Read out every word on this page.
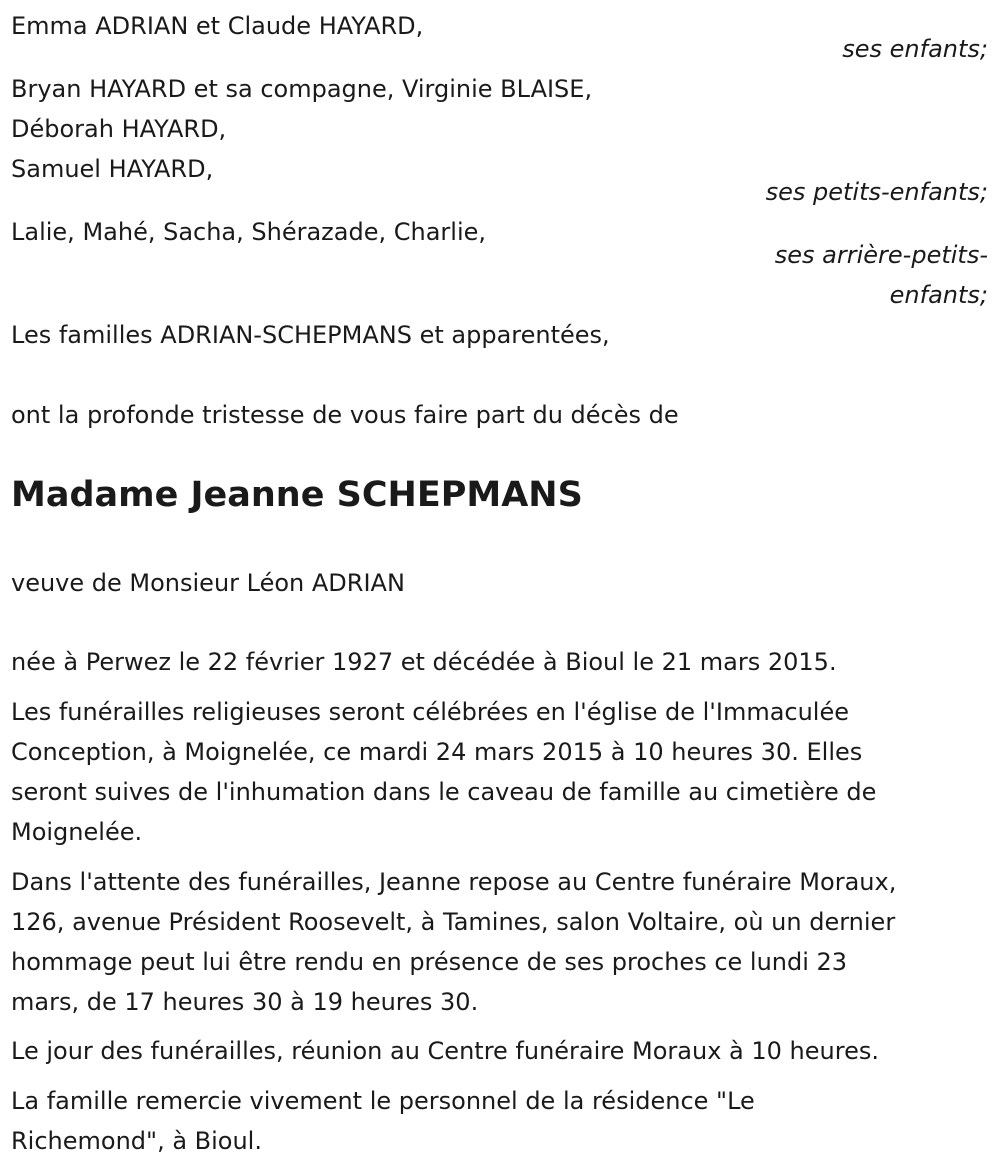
Emma ADRIAN et Claude HAYARD,

ses enfants;

Bryan HAYARD et sa compagne, Virginie BLAISE,

Déborah HAYARD,

Samuel HAYARD,

ses petits-enfants;

Lalie, Mahé, Sacha, Shérazade, Charlie,

ses arrière-petits-

enfants;

Les familles ADRIAN-SCHEPMANS et apparentées,

ont la profonde tristesse de vous faire part du décès de

Madame Jeanne SCHEPMANS

veuve de Monsieur Léon ADRIAN

née à Perwez le 22 février 1927 et décédée à Bioul le 21 mars 2015.

Les funérailles religieuses seront célébrées en l'église de l'Immaculée

Conception, à Moignelée, ce mardi 24 mars 2015 à 10 heures 30. Elles

seront suives de l'inhumation dans le caveau de famille au cimetière de

Moignelée.

Dans l'attente des funérailles, Jeanne repose au Centre funéraire Moraux,

126, avenue Président Roosevelt, à Tamines, salon Voltaire, où un dernier

hommage peut lui être rendu en présence de ses proches ce lundi 23

mars, de 17 heures 30 à 19 heures 30.

Le jour des funérailles, réunion au Centre funéraire Moraux à 10 heures.

La famille remercie vivement le personnel de la résidence "Le

Richemond", à Bioul.
